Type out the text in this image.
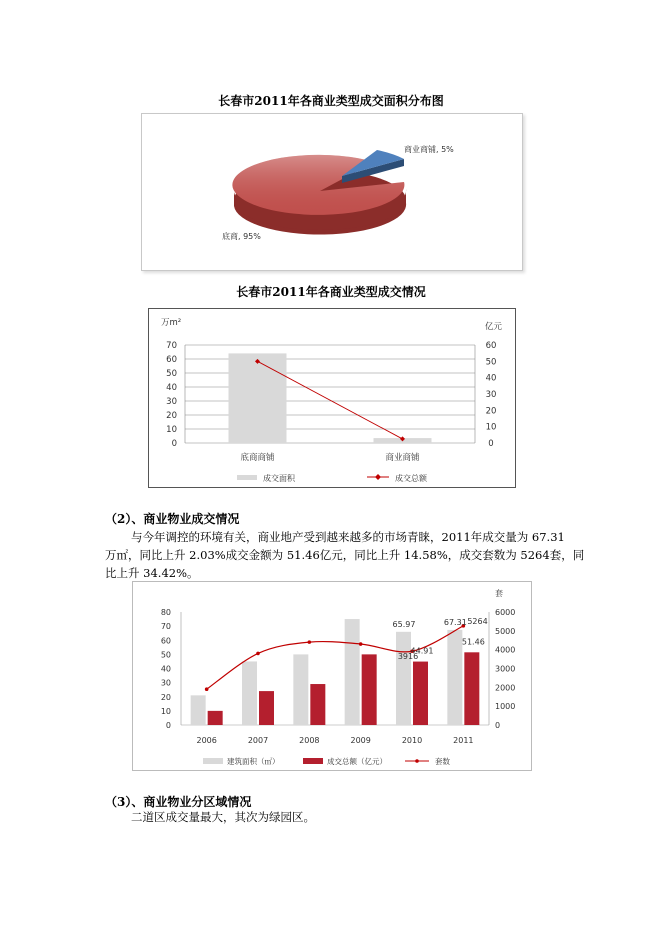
长春市2011年各商业类型成交面积分布图
商业商铺, 5%
底商, 95%
长春市2011年各商业类型成交情况
0
10
20
30
40
50
60
70
0
10
20
30
40
50
60
底商商铺	商业商铺
万m²	亿元
成交面积	成交总额
（2）、商业物业成交情况
与今年调控的环境有关，商业地产受到越来越多的市场青睐，2011年成交量为 67.31
万㎡，同比上升 2.03%成交金额为 51.46亿元，同比上升 14.58%，成交套数为 5264套，同
比上升 34.42%。
0
10
20
30
40
50
60
70
80
0
1000
2000
3000
4000
5000
6000
65.97
44.91
67.31
51.46
3916
5264
2006	2007	2008	2009	2010	2011
套
建筑面积（㎡）	成交总额（亿元）	套数
（3）、商业物业分区域情况
二道区成交量最大，其次为绿园区。
